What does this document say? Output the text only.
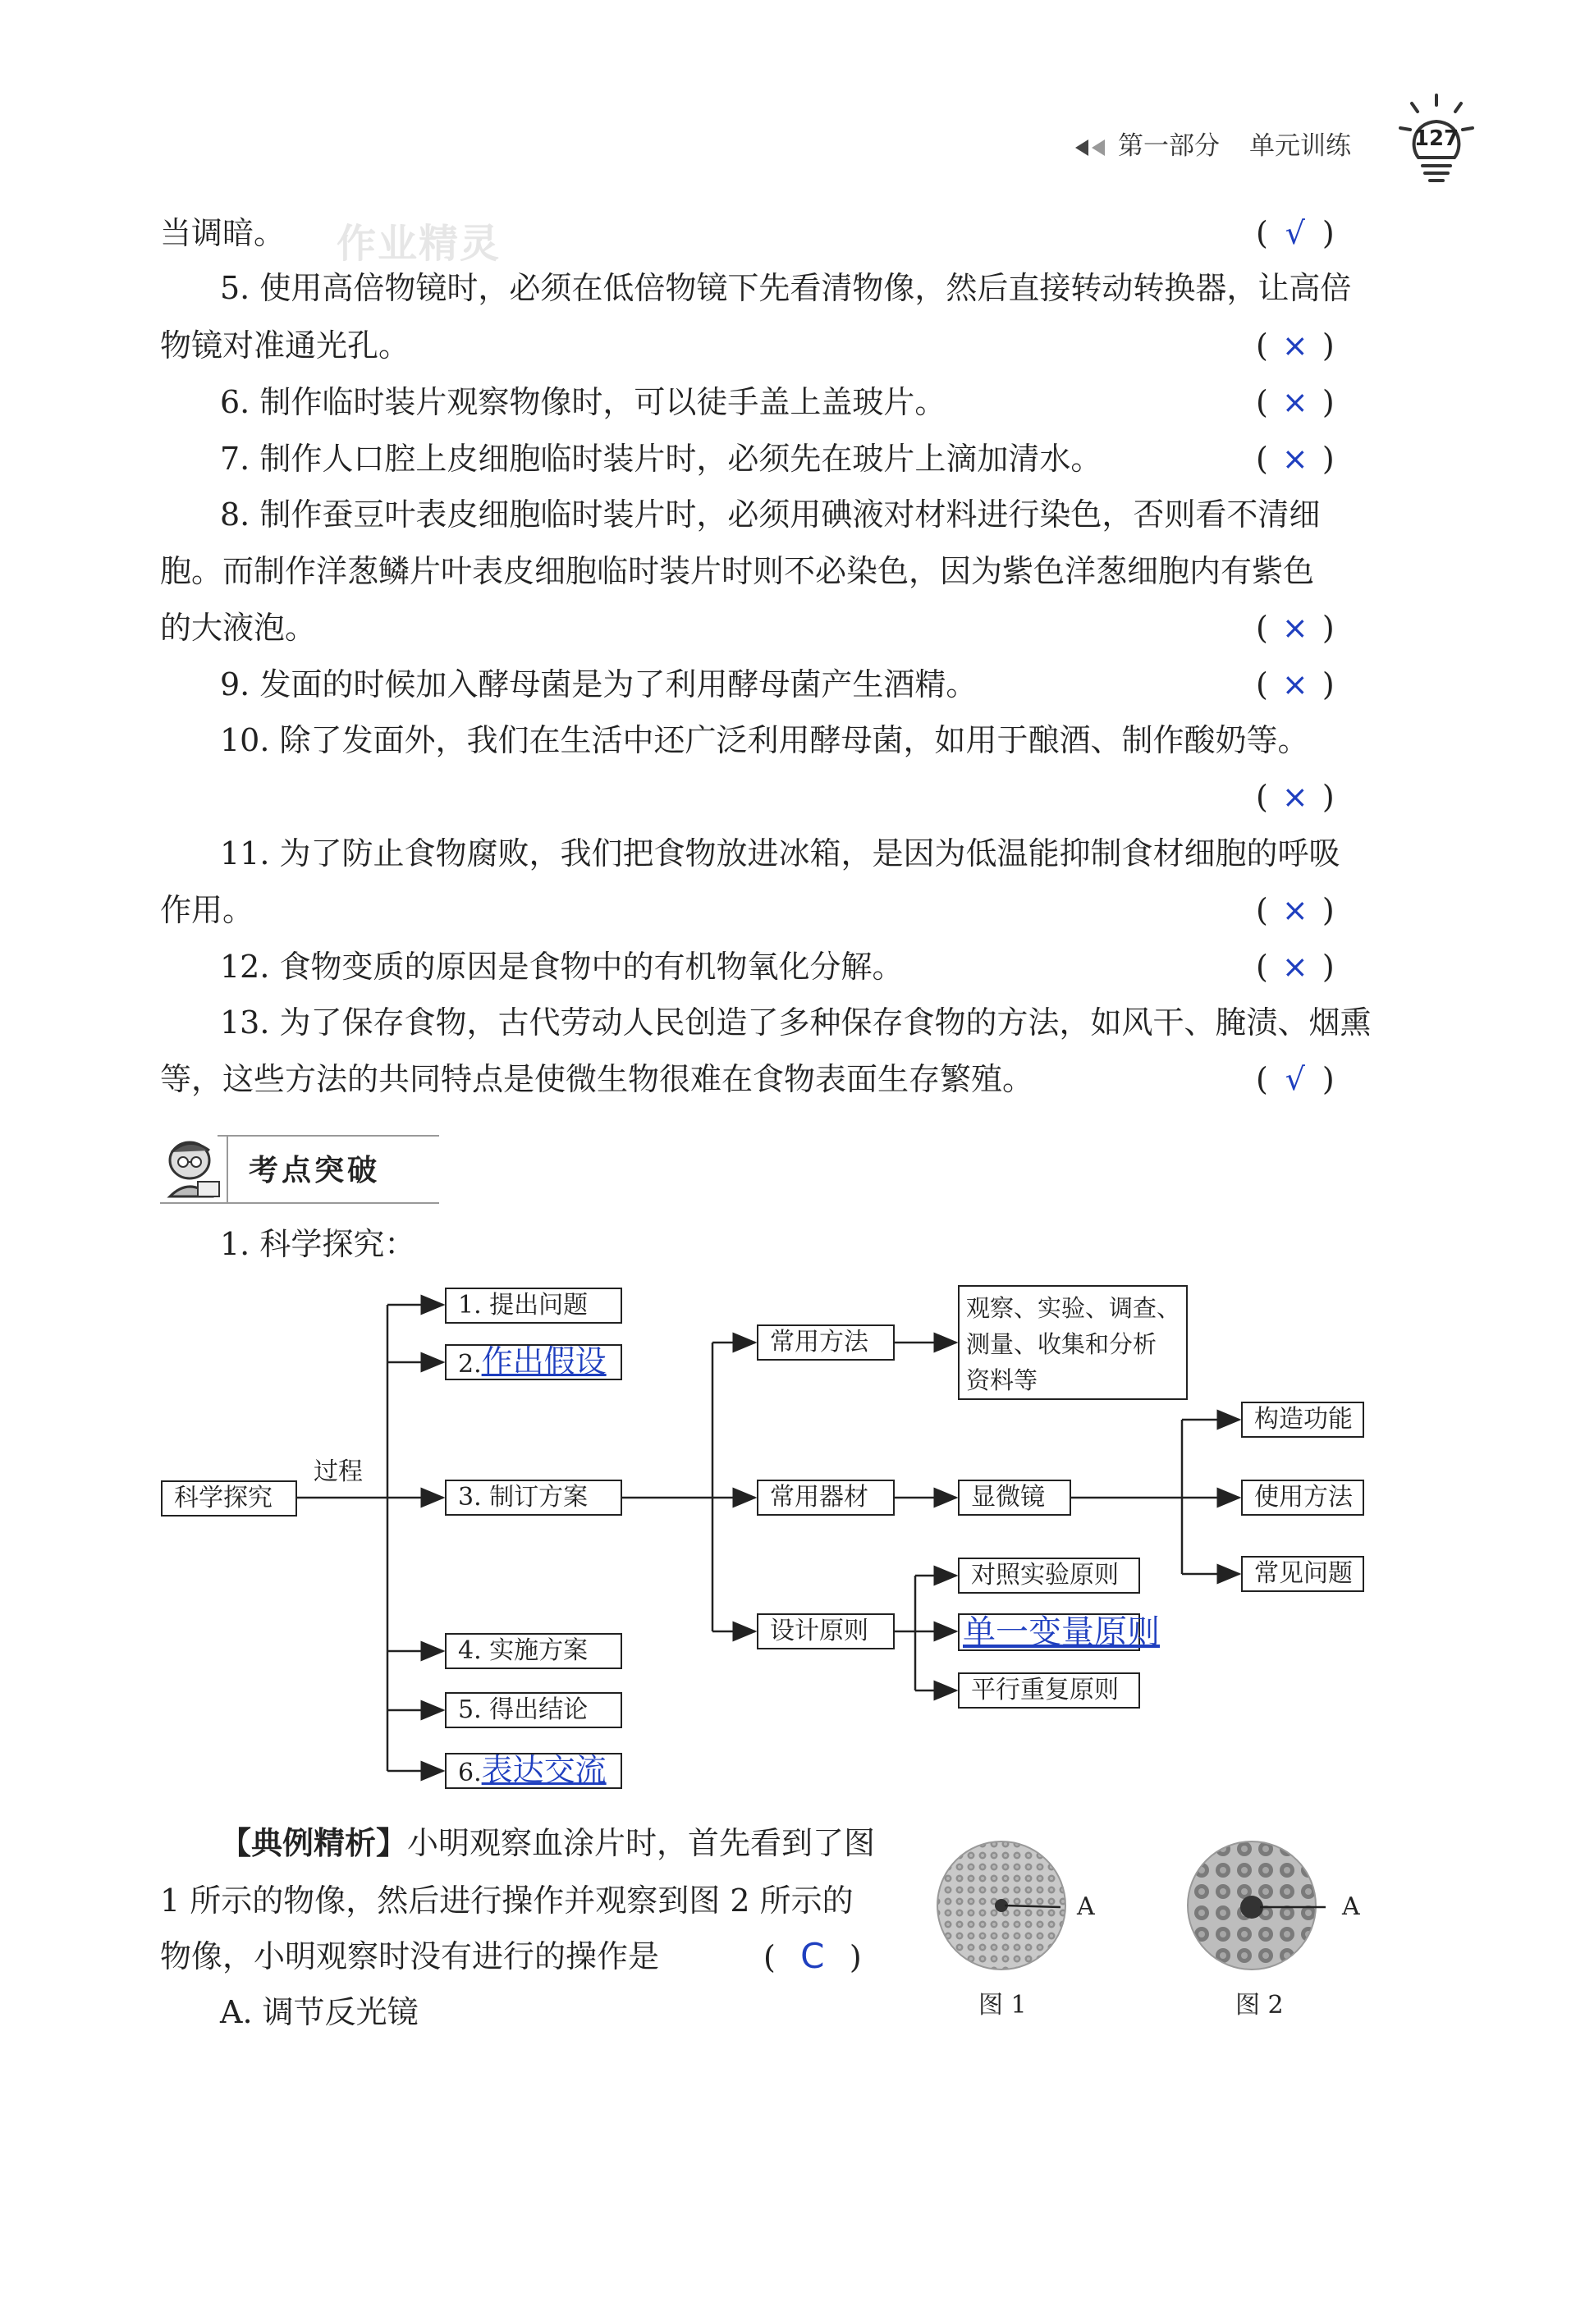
第一部分 单元训练	127
作业精灵
当调暗。	( √ )
5. 使用高倍物镜时，必须在低倍物镜下先看清物像，然后直接转动转换器，让高倍
物镜对准通光孔。	( × )
6. 制作临时装片观察物像时，可以徒手盖上盖玻片。	( × )
7. 制作人口腔上皮细胞临时装片时，必须先在玻片上滴加清水。	( × )
8. 制作蚕豆叶表皮细胞临时装片时，必须用碘液对材料进行染色，否则看不清细
胞。而制作洋葱鳞片叶表皮细胞临时装片时则不必染色，因为紫色洋葱细胞内有紫色
的大液泡。	( × )
9. 发面的时候加入酵母菌是为了利用酵母菌产生酒精。	( × )
10. 除了发面外，我们在生活中还广泛利用酵母菌，如用于酿酒、制作酸奶等。
( × )
11. 为了防止食物腐败，我们把食物放进冰箱，是因为低温能抑制食材细胞的呼吸
作用。	( × )
12. 食物变质的原因是食物中的有机物氧化分解。	( × )
13. 为了保存食物，古代劳动人民创造了多种保存食物的方法，如风干、腌渍、烟熏
等，这些方法的共同特点是使微生物很难在食物表面生存繁殖。	( √ )
考点突破
1. 科学探究：
科学探究
过程
1. 提出问题
2.作出假设
3. 制订方案
4. 实施方案
5. 得出结论
6.表达交流
常用方法
观察、实验、调查、
测量、收集和分析
资料等
常用器材	显微镜
构造功能
使用方法
常见问题
设计原则
对照实验原则
单一变量原则
平行重复原则
【典例精析】小明观察血涂片时，首先看到了图
1 所示的物像，然后进行操作并观察到图 2 所示的
物像，小明观察时没有进行的操作是	( C )
A. 调节反光镜
A
图 1
A
图 2
